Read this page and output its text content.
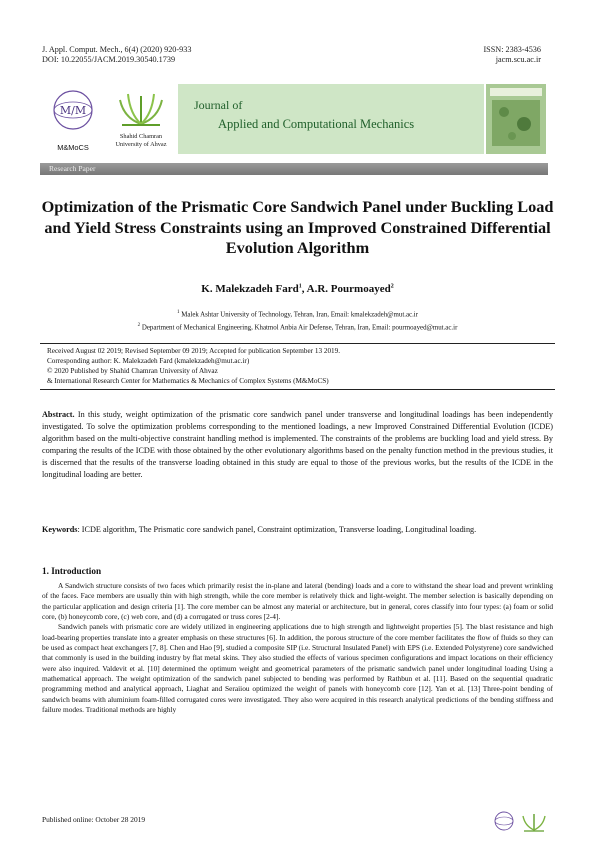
J. Appl. Comput. Mech., 6(4) (2020) 920-933
DOI: 10.22055/JACM.2019.30540.1739
ISSN: 2383-4536
jacm.scu.ac.ir
M/M
M&MoCS
Shahid Chamran
University of Ahvaz
Journal of
Applied and Computational Mechanics
Research Paper
Optimization of the Prismatic Core Sandwich Panel under Buckling Load and Yield Stress Constraints using an Improved Constrained Differential Evolution Algorithm
K. Malekzadeh Fard$^1$, A.R. Pourmoayed$^2$
$^1$ Malek Ashtar University of Technology, Tehran, Iran, Email: kmalekzadeh@mut.ac.ir
$^2$ Department of Mechanical Engineering, Khatmol Anbia Air Defense, Tehran, Iran, Email: pourmoayed@mut.ac.ir
Received August 02 2019; Revised September 09 2019; Accepted for publication September 13 2019.
Corresponding author: K. Malekzadeh Fard (kmalekzadeh@mut.ac.ir)
© 2020 Published by Shahid Chamran University of Ahvaz
& International Research Center for Mathematics & Mechanics of Complex Systems (M&MoCS)
Abstract. In this study, weight optimization of the prismatic core sandwich panel under transverse and longitudinal loadings has been independently investigated. To solve the optimization problems corresponding to the mentioned loadings, a new Improved Constrained Differential Evolution (ICDE) algorithm based on the multi-objective constraint handling method is implemented. The constraints of the problems are buckling load and yield stress. By comparing the results of the ICDE with those obtained by the other evolutionary algorithms based on the penalty function method in the previous studies, it is discerned that the results of the transverse loading obtained in this study are equal to those of the previous works, but the results of the ICDE in the longitudinal loading are better.
Keywords: ICDE algorithm, The Prismatic core sandwich panel, Constraint optimization, Transverse loading, Longitudinal loading.
1. Introduction

A Sandwich structure consists of two faces which primarily resist the in-plane and lateral (bending) loads and a core to withstand the shear load and prevent wrinkling of the faces. Face members are usually thin with high strength, while the core member is relatively thick and light-weight. The member selection is basically depending on the particular application and design criteria [1]. The core member can be almost any material or architecture, but in general, cores classify into four types: (a) foam or solid core, (b) honeycomb core, (c) web core, and (d) a corrugated or truss cores [2-4].

Sandwich panels with prismatic core are widely utilized in engineering applications due to high strength and lightweight properties [5]. The blast resistance and high load-bearing properties translate into a greater emphasis on these structures [6]. In addition, the porous structure of the core member facilitates the flow of fluids so they can be used as compact heat exchangers [7, 8]. Chen and Hao [9], studied a composite SIP (i.e. Structural Insulated Panel) with EPS (i.e. Extended Polystyrene) core sandwiched that commonly is used in the building industry by flat metal skins. They also studied the effects of various specimen configurations and impact locations on their efficiency were also inquired. Valdevit et al. [10] determined the optimum weight and geometrical parameters of the prismatic sandwich panel under longitudinal loading Using a mathematical approach. The weight optimization of the sandwich panel subjected to bending was performed by Rathbun et al. [11]. Based on the sequential quadratic programming method and analytical approach, Liaghat and Seraiiou optimized the weight of panels with honeycomb core [12]. Yan et al. [13] Three-point bending of sandwich beams with aluminium foam-filled corrugated cores were investigated. They also were acquired in this research analytical predictions of the bending stiffness and failure modes. Traditional methods are highly

Published online: October 28 2019
